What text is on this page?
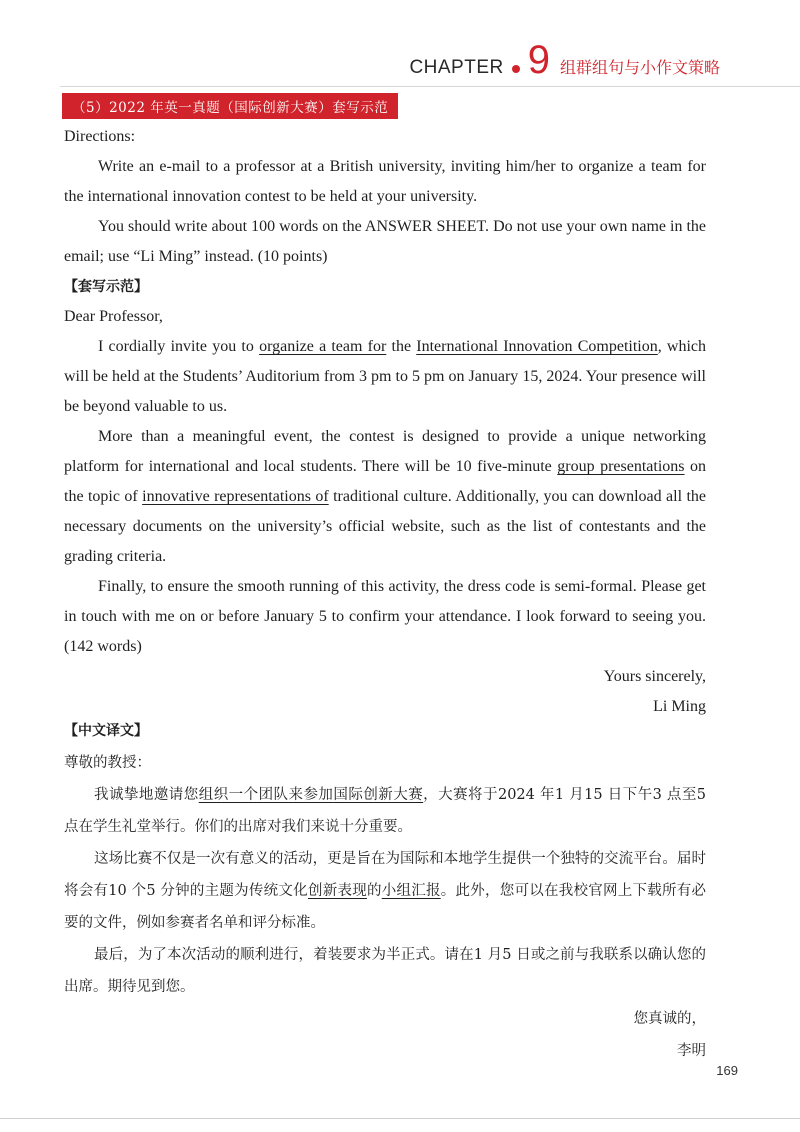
CHAPTER 9 组群组句与小作文策略
（5）2022 年英一真题（国际创新大赛）套写示范

Directions:

Write an e-mail to a professor at a British university, inviting him/her to organize a team for the international innovation contest to be held at your university.

You should write about 100 words on the ANSWER SHEET. Do not use your own name in the email; use “Li Ming” instead. (10 points)

【套写示范】

Dear Professor,

I cordially invite you to organize a team for the International Innovation Competition, which will be held at the Students’ Auditorium from 3 pm to 5 pm on January 15, 2024. Your presence will be beyond valuable to us.

More than a meaningful event, the contest is designed to provide a unique networking platform for international and local students. There will be 10 five-minute group presentations on the topic of innovative representations of traditional culture. Additionally, you can download all the necessary documents on the university’s official website, such as the list of contestants and the grading criteria.

Finally, to ensure the smooth running of this activity, the dress code is semi-formal. Please get in touch with me on or before January 5 to confirm your attendance. I look forward to seeing you. (142 words)

Yours sincerely,

Li Ming

【中文译文】

尊敬的教授：

我诚挚地邀请您组织一个团队来参加国际创新大赛，大赛将于2024 年1 月15 日下午3 点至5 点在学生礼堂举行。你们的出席对我们来说十分重要。

这场比赛不仅是一次有意义的活动，更是旨在为国际和本地学生提供一个独特的交流平台。届时将会有10 个5 分钟的主题为传统文化创新表现的小组汇报。此外，您可以在我校官网上下载所有必要的文件，例如参赛者名单和评分标准。

最后，为了本次活动的顺利进行，着装要求为半正式。请在1 月5 日或之前与我联系以确认您的出席。期待见到您。

您真诚的，

李明

169
